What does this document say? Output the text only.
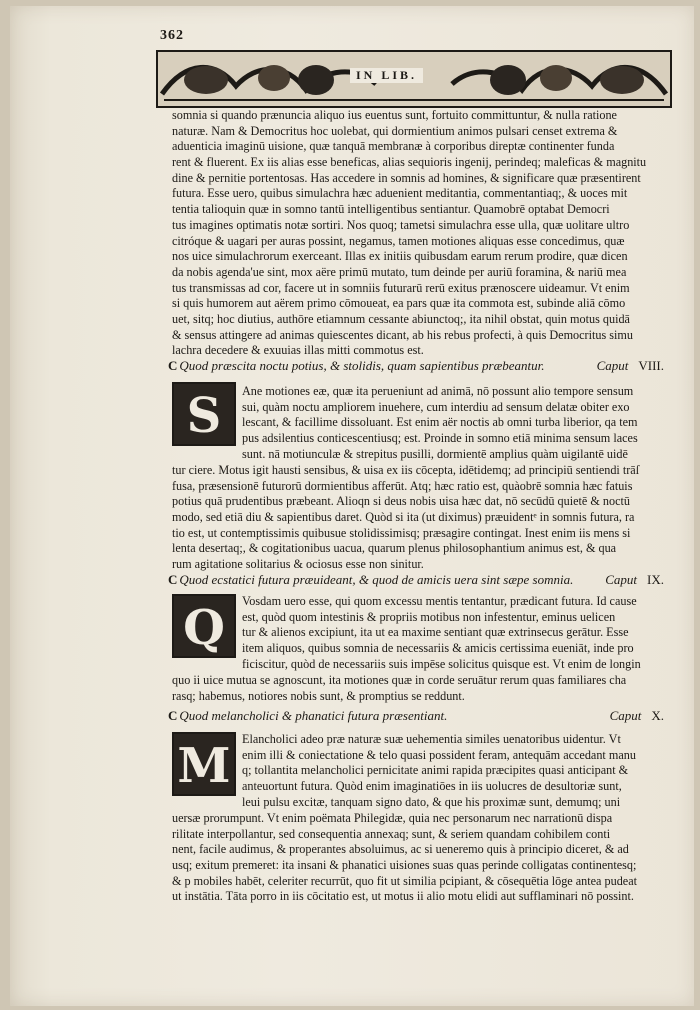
362
IN LIB.
somnia si quando prænuncia aliquo ius euentus sunt, fortuito committuntur, & nulla ratione
naturæ. Nam & Democritus hoc uolebat, qui dormientium animos pulsari censet extrema &
aduenticia imaginū uisione, quæ tanquā membranæ à corporibus direptæ continenter funda
rent & fluerent. Ex iis alias esse beneficas, alias sequioris ingenij, perindeq; maleficas & magnitu
dine & pernitie portentosas. Has accedere in somnis ad homines, & significare quæ præsentirent
futura. Esse uero, quibus simulachra hæc aduenient meditantia, commentantiaq;, & uoces mit
tentia talioquin quæ in somno tantū intelligentibus sentiantur. Quamobrē optabat Democri
tus imagines optimatis notæ sortiri. Nos quoq; tametsi simulachra esse ulla, quæ uolitare ultro
citróque & uagari per auras possint, negamus, tamen motiones aliquas esse concedimus, quæ
nos uice simulachrorum exerceant. Illas ex initiis quibusdam earum rerum prodire, quæ dicen
da nobis agenda'ue sint, mox aëre primū mutato, tum deinde per auriū foramina, & nariū mea
tus transmissas ad cor, facere ut in somniis futurarū rerū exitus prænoscere uideamur. Vt enim
si quis humorem aut aërem primo cōmoueat, ea pars quæ ita commota est, subinde aliā cōmo
uet, sitq; hoc diutius, authōre etiamnum cessante abiunctoq;, ita nihil obstat, quin motus quidā
& sensus attingere ad animas quiescentes dicant, ab his rebus profecti, à quis Democritus simu
lachra decedere & exuuias illas mitti commotus est.
C Quod præscita noctu potius, & stolidis, quam sapientibus præbeantur.	Caput VIII.
S	Ane motiones eæ, quæ ita perueniunt ad animā, nō possunt alio tempore sensum
sui, quàm noctu ampliorem inuehere, cum interdiu ad sensum delatæ obiter exo
lescant, & facillime dissoluant. Est enim aër noctis ab omni turba liberior, qa tem
pus adsilentius conticescentiusq; est. Proinde in somno etiā minima sensum laces
sunt. nā motiunculæ & strepitus pusilli, dormientē amplius quàm uigilantē uidē
tur ciere. Motus igit hausti sensibus, & uisa ex iis cōcepta, idētidemq; ad principiū sentiendi trāſ
fusa, præsensionē futurorū dormientibus afferūt. Atq; hæc ratio est, quàobrē somnia hæc fatuis
potius quā prudentibus præbeant. Alioqn si deus nobis uisa hæc dat, nō secūdū quietē & noctū
modo, sed etiā diu & sapientibus daret. Quòd si ita (ut diximus) præuidentᵉ in somnis futura, ra
tio est, ut contemptissimis quibusue stolidissimisq; præsagire contingat. Inest enim iis mens si
lenta desertaq;, & cogitationibus uacua, quarum plenus philosophantium animus est, & qua
rum agitatione solitarius & ociosus esse non sinitur.
C Quod ecstatici futura præuideant, & quod de amicis uera sint sæpe somnia. Caput IX.
Q	Vosdam uero esse, qui quom excessu mentis tentantur, prædicant futura. Id cause
est, quòd quom intestinis & propriis motibus non infestentur, eminus uelicen
tur & alienos excipiunt, ita ut ea maxime sentiant quæ extrinsecus gerātur. Esse
item aliquos, quibus somnia de necessariis & amicis certissima eueniāt, inde pro
ficiscitur, quòd de necessariis suis impēse solicitus quisque est. Vt enim de longin
quo ii uice mutua se agnoscunt, ita motiones quæ in corde seruātur rerum quas familiares cha
rasq; habemus, notiores nobis sunt, & promptius se reddunt.
C Quod melancholici & phanatici futura præsentiant.	Caput X.
M Elancholici adeo præ naturæ suæ uehementia similes uenatoribus uidentur. Vt
enim illi & coniectatione & telo quasi possident feram, antequām accedant manu
q; tollantita melancholici pernicitate animi rapida præcipites quasi anticipant &
anteuortunt futura. Quòd enim imaginatiōes in iis uolucres de desultoriæ sunt,
leui pulsu excitæ, tanquam signo dato, & que his proximæ sunt, demumq; uni
uersæ prorumpunt. Vt enim poëmata Philegidæ, quia nec personarum nec narrationū dispa
rilitate interpollantur, sed consequentia annexaq; sunt, & seriem quandam cohibilem conti
nent, facile audimus, & properantes absoluimus, ac si ueneremo quis à principio diceret, & ad
usq; exitum premeret: ita insani & phanatici uisiones suas quas perinde colligatas continentesq;
& p mobiles habēt, celeriter recurrūt, quo fit ut similia pcipiant, & cōsequētia lōge antea pudeat
ut instātia. Tāta porro in iis cōcitatio est, ut motus ii alio motu elidi aut sufflaminari nō possint.
